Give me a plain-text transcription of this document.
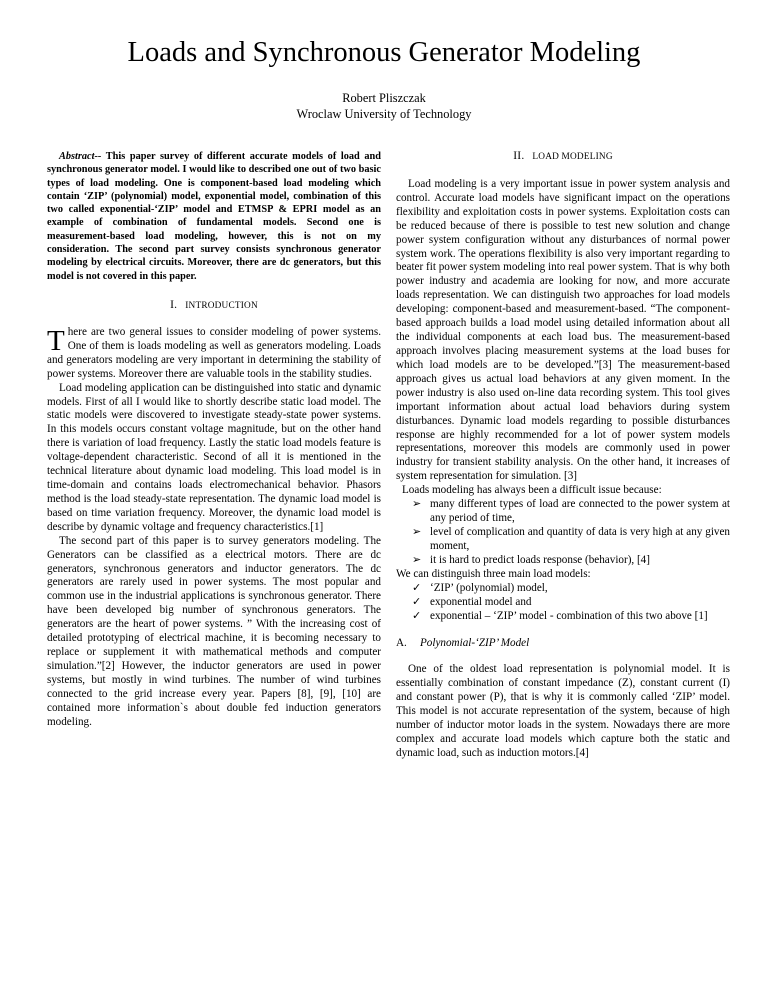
Loads and Synchronous Generator Modeling
Robert Pliszczak
Wroclaw University of Technology

Abstract-- This paper survey of different accurate models of load and synchronous generator model. I would like to described one out of two basic types of load modeling. One is component-based load modeling which contain ‘ZIP’ (polynomial) model, exponential model, combination of this two called exponential-‘ZIP’ model and ETMSP & EPRI model as an example of combination of fundamental models. Second one is measurement-based load modeling, however, this is not on my consideration. The second part survey consists synchronous generator modeling by electrical circuits. Moreover, there are dc generators, but this model is not covered in this paper.

I. INTRODUCTION

There are two general issues to consider modeling of power systems. One of them is loads modeling as well as generators modeling. Loads and generators modeling are very important in determining the stability of power systems. Moreover there are valuable tools in the stability studies.

Load modeling application can be distinguished into static and dynamic models. First of all I would like to shortly describe static load model. The static models were discovered to investigate steady-state power systems. In this models occurs constant voltage magnitude, but on the other hand there is variation of load frequency. Lastly the static load models feature is voltage-dependent characteristic. Second of all it is mentioned in the technical literature about dynamic load modeling. This load model is in time-domain and contains loads electromechanical behavior. Phasors method is the load steady-state representation. The dynamic load model is based on time variation frequency. Moreover, the dynamic load model is describe by dynamic voltage and frequency characteristics.[1]

The second part of this paper is to survey generators modeling. The Generators can be classified as a electrical motors. There are dc generators, synchronous generators and inductor generators. The dc generators are rarely used in power systems. The most popular and common use in the industrial applications is synchronous generator. There have been developed big number of synchronous generators. The generators are the heart of power systems. ” With the increasing cost of detailed prototyping of electrical machine, it is becoming necessary to replace or supplement it with mathematical methods and computer simulation.”[2] However, the inductor generators are used in power systems, but mostly in wind turbines. The number of wind turbines connected to the grid increase every year. Papers [8], [9], [10] are contained more information`s about double fed induction generators modeling.

II. LOAD MODELING

Load modeling is a very important issue in power system analysis and control. Accurate load models have significant impact on the operations flexibility and exploitation costs in power systems. Exploitation costs can be reduced because of there is possible to test new solution and change power system configuration without any disturbances of normal power system work. The operations flexibility is also very important regarding to beater fit power system modeling into real power system. That is why both power industry and academia are looking for now, and more accurate loads representation. We can distinguish two approaches for load models developing: component-based and measurement-based. “The component-based approach builds a load model using detailed information about all the individual components at each load bus. The measurement-based approach involves placing measurement systems at the load buses for which load models are to be developed.”[3] The measurement-based approach gives us actual load behaviors at any given moment. In the power industry is also used on-line data recording system. This tool gives important information about actual load behaviors during system disturbances. Dynamic load models regarding to possible disturbances response are highly recommended for a lot of power system models representations, moreover this models are commonly used in power industry for transient stability analysis. On the other hand, it increases of system representation for simulation. [3]

Loads modeling has always been a difficult issue because:

➢ many different types of load are connected to the power system at any period of time,
➢ level of complication and quantity of data is very high at any given moment,
➢ it is hard to predict loads response (behavior), [4]

We can distinguish three main load models:

✓ ‘ZIP’ (polynomial) model,
✓ exponential model and
✓ exponential – ‘ZIP’ model - combination of this two above [1]
A. Polynomial-‘ZIP’ Model

One of the oldest load representation is polynomial model. It is essentially combination of constant impedance (Z), constant current (I) and constant power (P), that is why it is commonly called ‘ZIP’ model. This model is not accurate representation of the system, because of high number of inductor motor loads in the system. Nowadays there are more complex and accurate load models which capture both the static and dynamic load, such as induction motors.[4]
